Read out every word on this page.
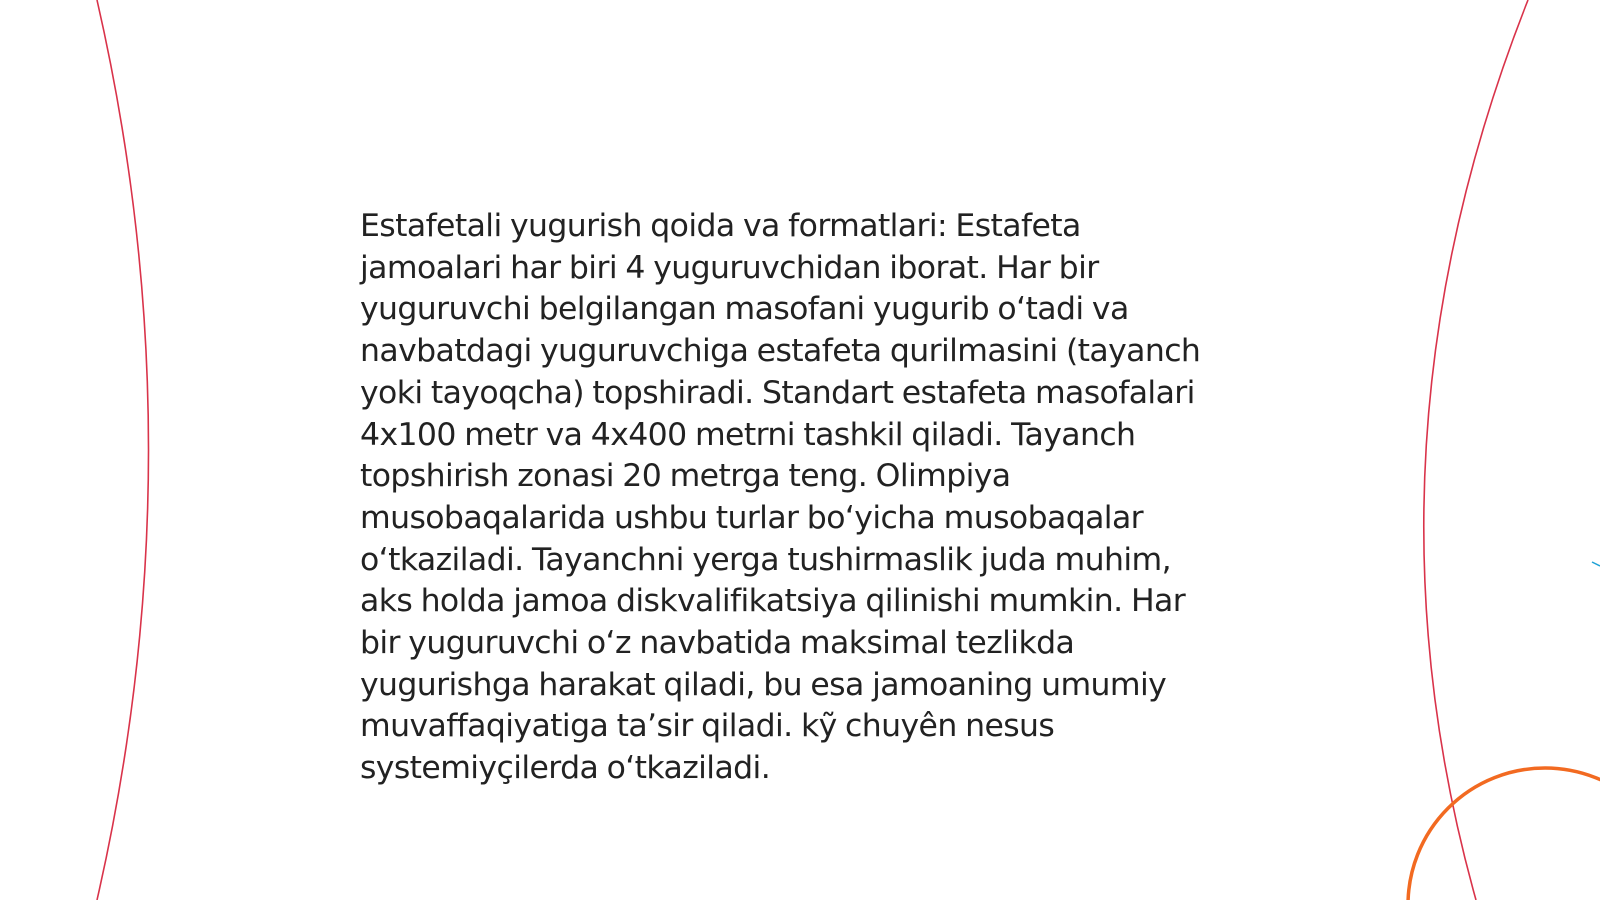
Estafetali yugurish qoida va formatlari: Estafeta jamoalari har biri 4 yuguruvchidan iborat. Har bir yuguruvchi belgilangan masofani yugurib oʻtadi va navbatdagi yuguruvchiga estafeta qurilmasini (tayanch yoki tayoqcha) topshiradi. Standart estafeta masofalari 4x100 metr va 4x400 metrni tashkil qiladi. Tayanch topshirish zonasi 20 metrga teng. Olimpiya musobaqalarida ushbu turlar boʻyicha musobaqalar oʻtkaziladi. Tayanchni yerga tushirmaslik juda muhim, aks holda jamoa diskvalifikatsiya qilinishi mumkin. Har bir yuguruvchi oʻz navbatida maksimal tezlikda yugurishga harakat qiladi, bu esa jamoaning umumiy muvaffaqiyatiga taʼsir qiladi. kỹ chuyên nesus systemiyçilerda oʻtkaziladi.
